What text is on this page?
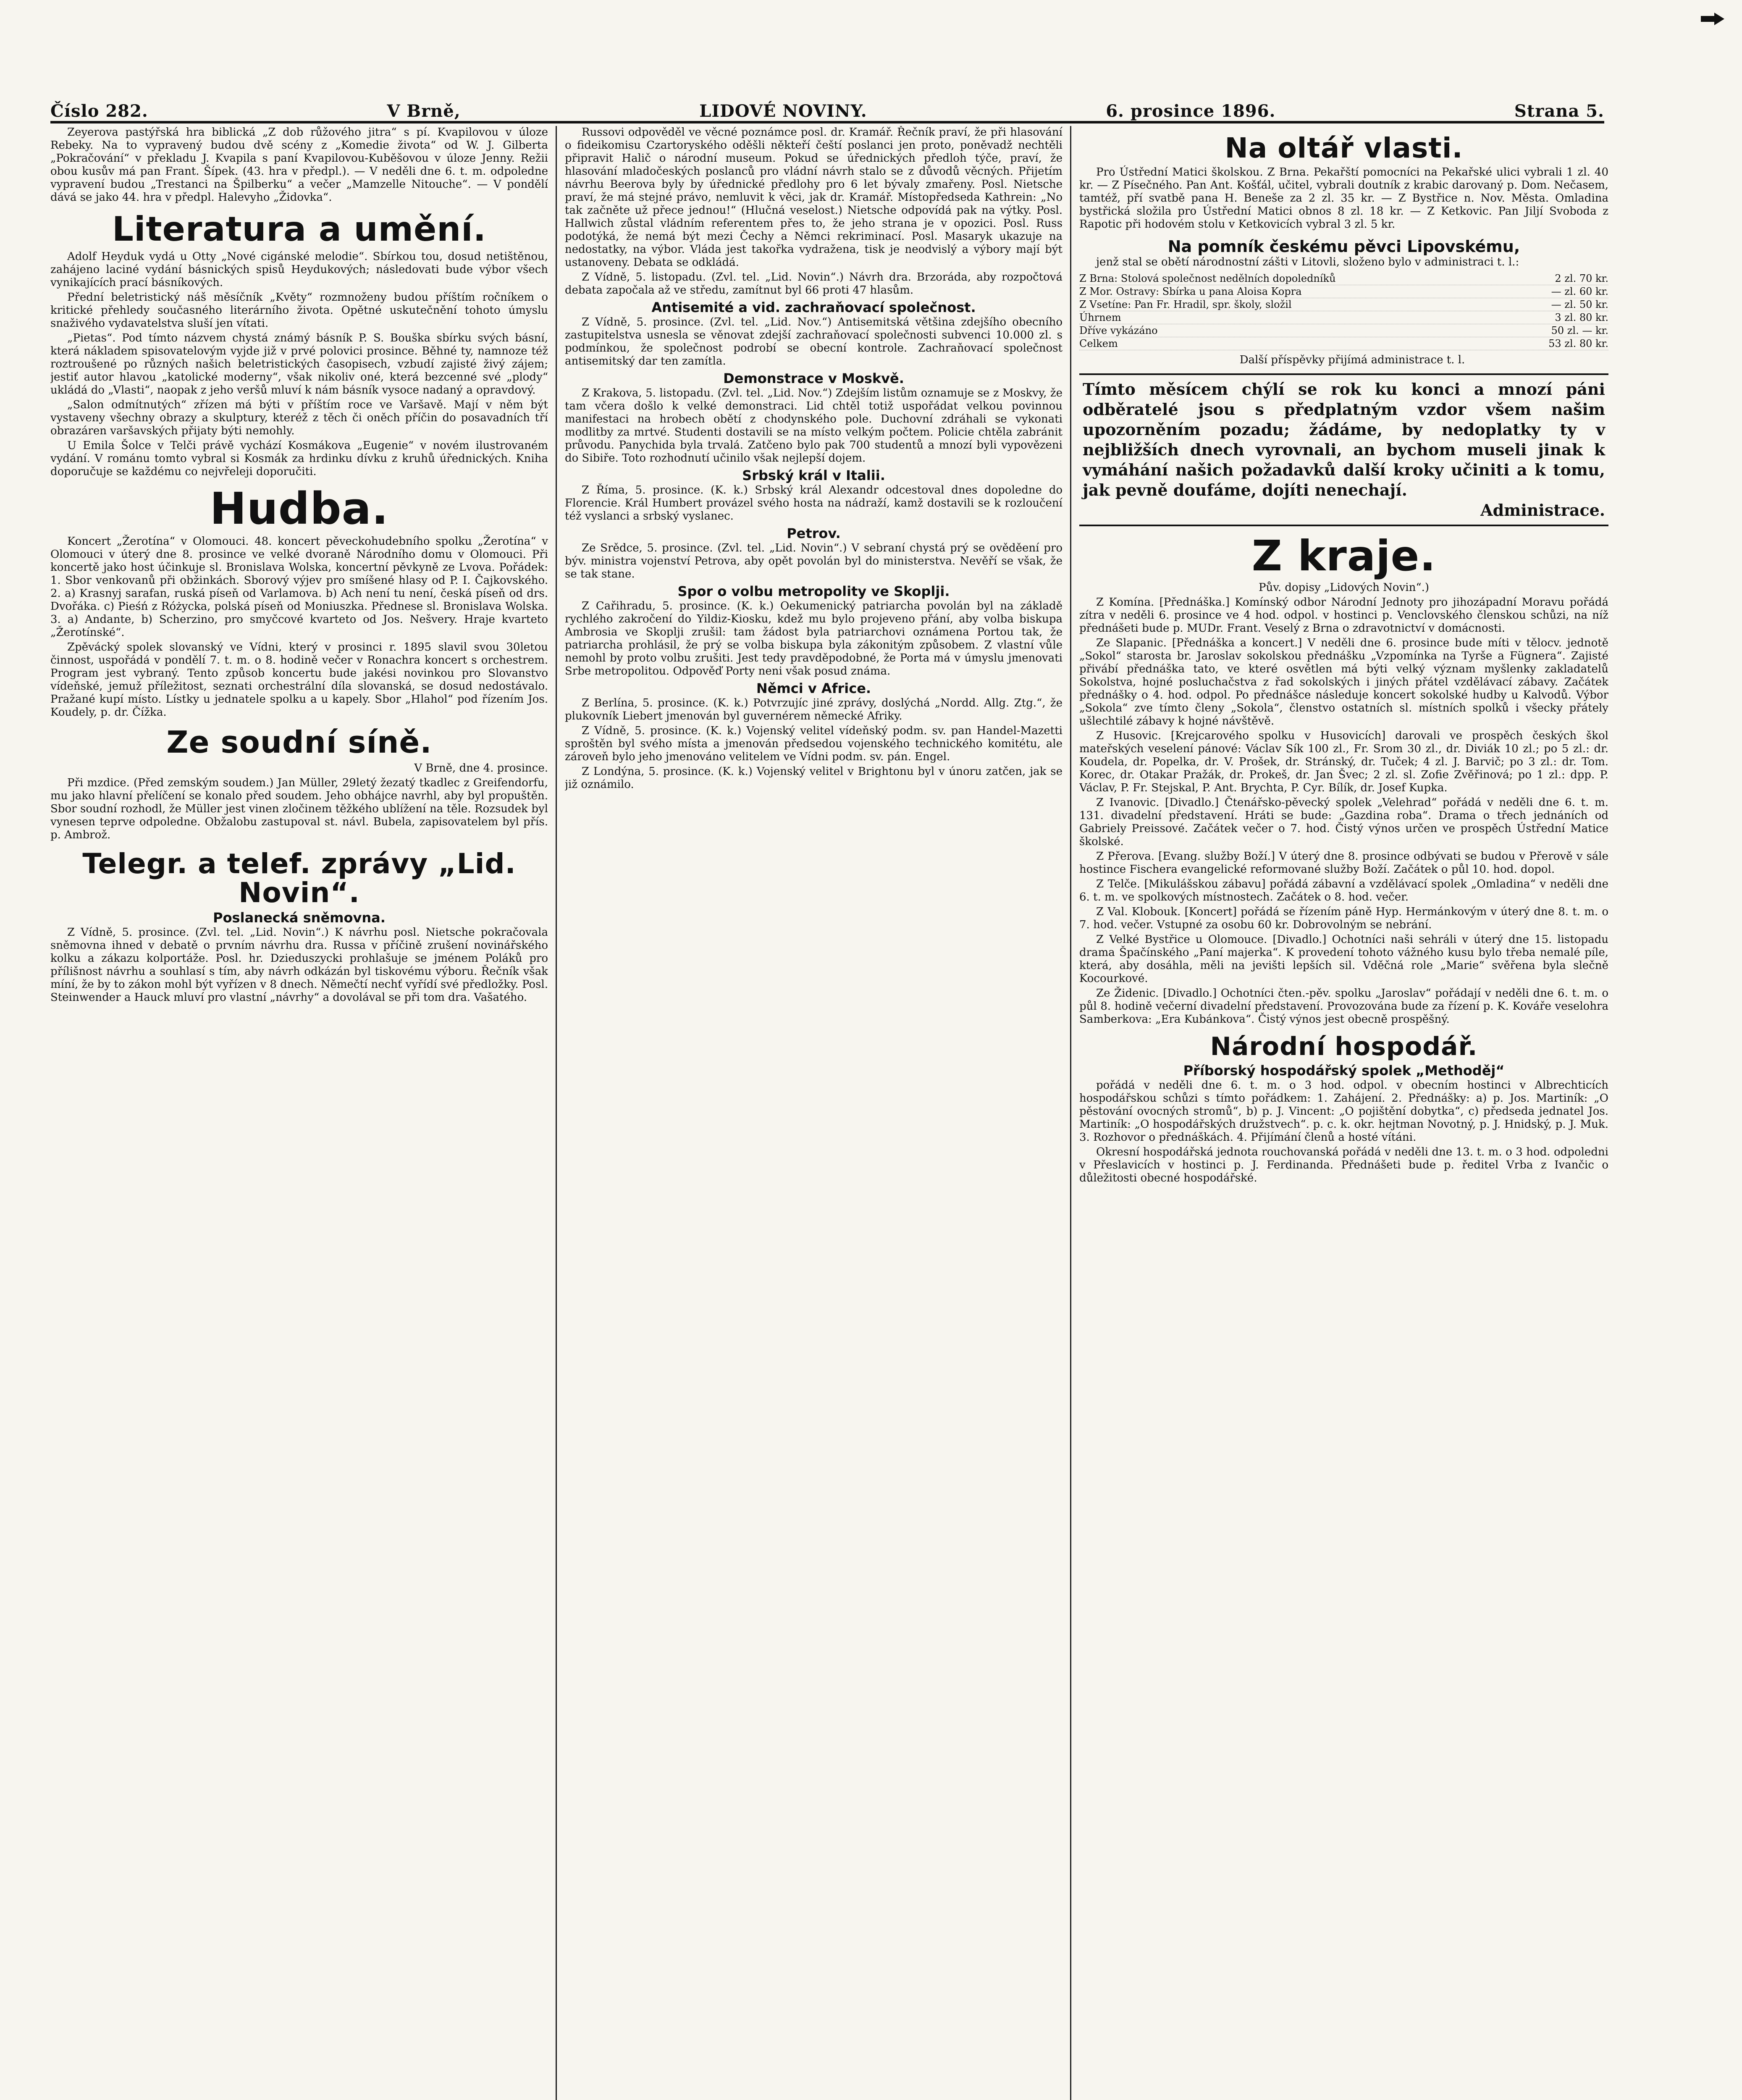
Číslo 282.	V Brně,	LIDOVÉ NOVINY.	6. prosince 1896.	Strana 5.

Zeyerova pastýřská hra biblická „Z dob růžového jitra“ s pí. Kvapilovou v úloze Rebeky. Na to vypravený budou dvě scény z „Komedie života“ od W. J. Gilberta „Pokračování“ v překladu J. Kvapila s paní Kvapilovou-Kuběšovou v úloze Jenny. Režii obou kusův má pan Frant. Šípek. (43. hra v předpl.). — V neděli dne 6. t. m. odpoledne vypravení budou „Trestanci na Špilberku“ a večer „Mamzelle Nitouche“. — V pondělí dává se jako 44. hra v předpl. Halevyho „Židovka“.

Literatura a umění.

Adolf Heyduk vydá u Otty „Nové cigánské melodie“. Sbírkou tou, dosud netištěnou, zahájeno laciné vydání básnických spisů Heydukových; následovati bude výbor všech vynikajících prací básníkových.

Přední beletristický náš měsíčník „Květy“ rozmnoženy budou příštím ročníkem o kritické přehledy současného literárního života. Opětné uskutečnění tohoto úmyslu snaživého vydavatelstva sluší jen vítati.

„Pietas“. Pod tímto názvem chystá známý básník P. S. Bouška sbírku svých básní, která nákladem spisovatelovým vyjde již v prvé polovici prosince. Běhné ty, namnoze též roztroušené po různých našich beletristických časopisech, vzbudí zajisté živý zájem; jestiť autor hlavou „katolické moderny“, však nikoliv oné, která bezcenné své „plody“ ukládá do „Vlasti“, naopak z jeho veršů mluví k nám básník vysoce nadaný a opravdový.

„Salon odmítnutých“ zřízen má býti v příštím roce ve Varšavě. Mají v něm být vystaveny všechny obrazy a skulptury, kteréž z těch či oněch příčin do posavadních tří obrazáren varšavských přijaty býti nemohly.

U Emila Šolce v Telči právě vychází Kosmákova „Eugenie“ v novém ilustrovaném vydání. V románu tomto vybral si Kosmák za hrdinku dívku z kruhů úřednických. Kniha doporučuje se každému co nejvřeleji doporučiti.

Hudba.

Koncert „Žerotína“ v Olomouci. 48. koncert pěveckohudebního spolku „Žerotína“ v Olomouci v úterý dne 8. prosince ve velké dvoraně Národního domu v Olomouci. Při koncertě jako host účinkuje sl. Bronislava Wolska, koncertní pěvkyně ze Lvova. Pořádek: 1. Sbor venkovanů při obžinkách. Sborový výjev pro smíšené hlasy od P. I. Čajkovského. 2. a) Krasnyj sarafan, ruská píseň od Varlamova. b) Ach není tu není, česká píseň od drs. Dvořáka. c) Pieśń z Różycka, polská píseň od Moniuszka. Přednese sl. Bronislava Wolska. 3. a) Andante, b) Scherzino, pro smyčcové kvarteto od Jos. Nešvery. Hraje kvarteto „Žerotínské“.

Zpěvácký spolek slovanský ve Vídni, který v prosinci r. 1895 slavil svou 30letou činnost, uspořádá v pondělí 7. t. m. o 8. hodině večer v Ronachra koncert s orchestrem. Program jest vybraný. Tento způsob koncertu bude jakési novinkou pro Slovanstvo vídeňské, jemuž příležitost, seznati orchestrální díla slovanská, se dosud nedostávalo. Pražané kupí místo. Lístky u jednatele spolku a u kapely. Sbor „Hlahol“ pod řízením Jos. Koudely, p. dr. Čížka.

Ze soudní síně.

V Brně, dne 4. prosince.

Při mzdice. (Před zemským soudem.) Jan Müller, 29letý žezatý tkadlec z Greifendorfu, mu jako hlavní přelíčení se konalo před soudem. Jeho obhájce navrhl, aby byl propuštěn. Sbor soudní rozhodl, že Müller jest vinen zločinem těžkého ublížení na těle. Rozsudek byl vynesen teprve odpoledne. Obžalobu zastupoval st. návl. Bubela, zapisovatelem byl přís. p. Ambrož.

Telegr. a telef. zprávy „Lid. Novin“.
Poslanecká sněmovna.

Z Vídně, 5. prosince. (Zvl. tel. „Lid. Novin“.) K návrhu posl. Nietsche pokračovala sněmovna ihned v debatě o prvním návrhu dra. Russa v příčině zrušení novinářského kolku a zákazu kolportáže. Posl. hr. Dzieduszycki prohlašuje se jménem Poláků pro přílišnost návrhu a souhlasí s tím, aby návrh odkázán byl tiskovému výboru. Řečník však míní, že by to zákon mohl být vyřízen v 8 dnech. Němečtí nechť vyřídí své předložky. Posl. Steinwender a Hauck mluví pro vlastní „návrhy“ a dovolával se při tom dra. Vašatého.

Russovi odpověděl ve věcné poznámce posl. dr. Kramář. Řečník praví, že při hlasování o fideikomisu Czartoryského oděšli někteří čeští poslanci jen proto, poněvadž nechtěli připravit Halič o národní museum. Pokud se úřednických předloh týče, praví, že hlasování mladočeských poslanců pro vládní návrh stalo se z důvodů věcných. Přijetím návrhu Beerova byly by úřednické předlohy pro 6 let bývaly zmařeny. Posl. Nietsche praví, že má stejné právo, nemluvit k věci, jak dr. Kramář. Místopředseda Kathrein: „No tak začněte už přece jednou!“ (Hlučná veselost.) Nietsche odpovídá pak na výtky. Posl. Hallwich zůstal vládním referentem přes to, že jeho strana je v opozici. Posl. Russ podotýká, že nemá být mezi Čechy a Němci rekriminací. Posl. Masaryk ukazuje na nedostatky, na výbor. Vláda jest takořka vydražena, tisk je neodvislý a výbory mají být ustanoveny. Debata se odkládá.

Z Vídně, 5. listopadu. (Zvl. tel. „Lid. Novin“.) Návrh dra. Brzoráda, aby rozpočtová debata započala až ve středu, zamítnut byl 66 proti 47 hlasům.

Antisemité a vid. zachraňovací společnost.

Z Vídně, 5. prosince. (Zvl. tel. „Lid. Nov.“) Antisemitská většina zdejšího obecního zastupitelstva usnesla se věnovat zdejší zachraňovací společnosti subvenci 10.000 zl. s podmínkou, že společnost podrobí se obecní kontrole. Zachraňovací společnost antisemitský dar ten zamítla.

Demonstrace v Moskvě.

Z Krakova, 5. listopadu. (Zvl. tel. „Lid. Nov.“) Zdejším listům oznamuje se z Moskvy, že tam včera došlo k velké demonstraci. Lid chtěl totiž uspořádat velkou povinnou manifestaci na hrobech obětí z chodynského pole. Duchovní zdráhali se vykonati modlitby za mrtvé. Studenti dostavili se na místo velkým počtem. Policie chtěla zabránit průvodu. Panychida byla trvalá. Zatčeno bylo pak 700 studentů a mnozí byli vypovězeni do Sibiře. Toto rozhodnutí učinilo však nejlepší dojem.

Srbský král v Italii.

Z Říma, 5. prosince. (K. k.) Srbský král Alexandr odcestoval dnes dopoledne do Florencie. Král Humbert provázel svého hosta na nádraží, kamž dostavili se k rozloučení též vyslanci a srbský vyslanec.

Petrov.

Ze Srědce, 5. prosince. (Zvl. tel. „Lid. Novin“.) V sebraní chystá prý se ověděení pro býv. ministra vojenství Petrova, aby opět povolán byl do ministerstva. Nevěří se však, že se tak stane.

Spor o volbu metropolity ve Skoplji.

Z Cařihradu, 5. prosince. (K. k.) Oekumenický patriarcha povolán byl na základě rychlého zakročení do Yildiz-Kiosku, kdež mu bylo projeveno přání, aby volba biskupa Ambrosia ve Skoplji zrušil: tam žádost byla patriarchovi oznámena Portou tak, že patriarcha prohlásil, že prý se volba biskupa byla zákonitým způsobem. Z vlastní vůle nemohl by proto volbu zrušiti. Jest tedy pravděpodobné, že Porta má v úmyslu jmenovati Srbe metropolitou. Odpověď Porty neni však posud známa.

Němci v Africe.

Z Berlína, 5. prosince. (K. k.) Potvrzujíc jiné zprávy, doslýchá „Nordd. Allg. Ztg.“, že plukovník Liebert jmenován byl guvernérem německé Afriky.

Z Vídně, 5. prosince. (K. k.) Vojenský velitel vídeňský podm. sv. pan Handel-Mazetti sproštěn byl svého místa a jmenován předsedou vojenského technického komitétu, ale zároveň bylo jeho jmenováno velitelem ve Vídni podm. sv. pán. Engel.

Z Londýna, 5. prosince. (K. k.) Vojenský velitel v Brightonu byl v únoru zatčen, jak se již oznámilo.

Na oltář vlasti.

Pro Ústřední Matici školskou. Z Brna. Pekařští pomocníci na Pekařské ulici vybrali 1 zl. 40 kr. — Z Písečného. Pan Ant. Košťál, učitel, vybrali doutník z krabic darovaný p. Dom. Nečasem, tamtéž, pří svatbě pana H. Beneše za 2 zl. 35 kr. — Z Bystřice n. Nov. Města. Omladina bystřická složila pro Ústřední Matici obnos 8 zl. 18 kr. — Z Ketkovic. Pan Jiljí Svoboda z Rapotic při hodovém stolu v Ketkovicích vybral 3 zl. 5 kr.

Na pomník českému pěvci Lipovskému,

jenž stal se obětí národnostní zášti v Litovli, složeno bylo v administraci t. l.:

Z Brna: Stolová společnost nedělních dopoledníků	2 zl. 70 kr.
Z Mor. Ostravy: Sbírka u pana Aloisa Kopra	— zl. 60 kr.
Z Vsetíne: Pan Fr. Hradil, spr. školy, složil	— zl. 50 kr.
Úhrnem	3 zl. 80 kr.
Dříve vykázáno	50 zl. — kr.
Celkem	53 zl. 80 kr.

Další příspěvky přijímá administrace t. l.

Tímto měsícem chýlí se rok ku konci a mnozí páni odběratelé jsou s předplatným vzdor všem našim upozorněním pozadu; žádáme, by nedoplatky ty v nejbližších dnech vyrovnali, an bychom museli jinak k vymáhání našich požadavků další kroky učiniti a k tomu, jak pevně doufáme, dojíti nenechají.
Administrace.
Z kraje.

Pův. dopisy „Lidových Novin“.)

Z Komína. [Přednáška.] Komínský odbor Národní Jednoty pro jihozápadní Moravu pořádá zítra v neděli 6. prosince ve 4 hod. odpol. v hostinci p. Venclovského členskou schůzi, na níž přednášeti bude p. MUDr. Frant. Veselý z Brna o zdravotnictví v domácnosti.

Ze Slapanic. [Přednáška a koncert.] V neděli dne 6. prosince bude míti v tělocv. jednotě „Sokol“ starosta br. Jaroslav sokolskou přednášku „Vzpomínka na Tyrše a Fügnera“. Zajisté přivábí přednáška tato, ve které osvětlen má býti velký význam myšlenky zakladatelů Sokolstva, hojné posluchačstva z řad sokolských i jiných přátel vzdělávací zábavy. Začátek přednášky o 4. hod. odpol. Po přednášce následuje koncert sokolské hudby u Kalvodů. Výbor „Sokola“ zve tímto členy „Sokola“, členstvo ostatních sl. místních spolků i všecky přátely ušlechtilé zábavy k hojné návštěvě.

Z Husovic. [Krejcarového spolku v Husovicích] darovali ve prospěch českých škol mateřských veselení pánové: Václav Sík 100 zl., Fr. Srom 30 zl., dr. Diviák 10 zl.; po 5 zl.: dr. Koudela, dr. Popelka, dr. V. Prošek, dr. Stránský, dr. Tuček; 4 zl. J. Barvič; po 3 zl.: dr. Tom. Korec, dr. Otakar Pražák, dr. Prokeš, dr. Jan Švec; 2 zl. sl. Zofie Zvěřinová; po 1 zl.: dpp. P. Václav, P. Fr. Stejskal, P. Ant. Brychta, P. Cyr. Bílík, dr. Josef Kupka.

Z Ivanovic. [Divadlo.] Čtenářsko-pěvecký spolek „Velehrad“ pořádá v neděli dne 6. t. m. 131. divadelní představení. Hráti se bude: „Gazdina roba“. Drama o třech jednáních od Gabriely Preissové. Začátek večer o 7. hod. Čistý výnos určen ve prospěch Ústřední Matice školské.

Z Přerova. [Evang. služby Boží.] V úterý dne 8. prosince odbývati se budou v Přerově v sále hostince Fischera evangelické reformované služby Boží. Začátek o půl 10. hod. dopol.

Z Telče. [Mikulášskou zábavu] pořádá zábavní a vzdělávací spolek „Omladina“ v neděli dne 6. t. m. ve spolkových místnostech. Začátek o 8. hod. večer.

Z Val. Klobouk. [Koncert] pořádá se řízením páně Hyp. Hermánkovým v úterý dne 8. t. m. o 7. hod. večer. Vstupné za osobu 60 kr. Dobrovolným se nebrání.

Z Velké Bystřice u Olomouce. [Divadlo.] Ochotníci naši sehráli v úterý dne 15. listopadu drama Špačínského „Paní majerka“. K provedení tohoto vážného kusu bylo třeba nemalé píle, která, aby dosáhla, měli na jevišti lepších sil. Vděčná role „Marie“ svěřena byla slečně Kocourkové.

Ze Židenic. [Divadlo.] Ochotníci čten.-pěv. spolku „Jaroslav“ pořádají v neděli dne 6. t. m. o půl 8. hodině večerní divadelní představení. Provozována bude za řízení p. K. Kováře veselohra Samberkova: „Era Kubánkova“. Čistý výnos jest obecně prospěšný.

Národní hospodář.
Příborský hospodářský spolek „Methoděj“

pořádá v neděli dne 6. t. m. o 3 hod. odpol. v obecním hostinci v Albrechticích hospodářskou schůzi s tímto pořádkem: 1. Zahájení. 2. Přednášky: a) p. Jos. Martiník: „O pěstování ovocných stromů“, b) p. J. Vincent: „O pojištění dobytka“, c) předseda jednatel Jos. Martiník: „O hospodářských družstvech“. p. c. k. okr. hejtman Novotný, p. J. Hnidský, p. J. Muk. 3. Rozhovor o přednáškách. 4. Přijímání členů a hosté vítáni.

Okresní hospodářská jednota rouchovanská pořádá v neděli dne 13. t. m. o 3 hod. odpoledni v Přeslavicích v hostinci p. J. Ferdinanda. Přednášeti bude p. ředitel Vrba z Ivančic o důležitosti obecné hospodářské.
